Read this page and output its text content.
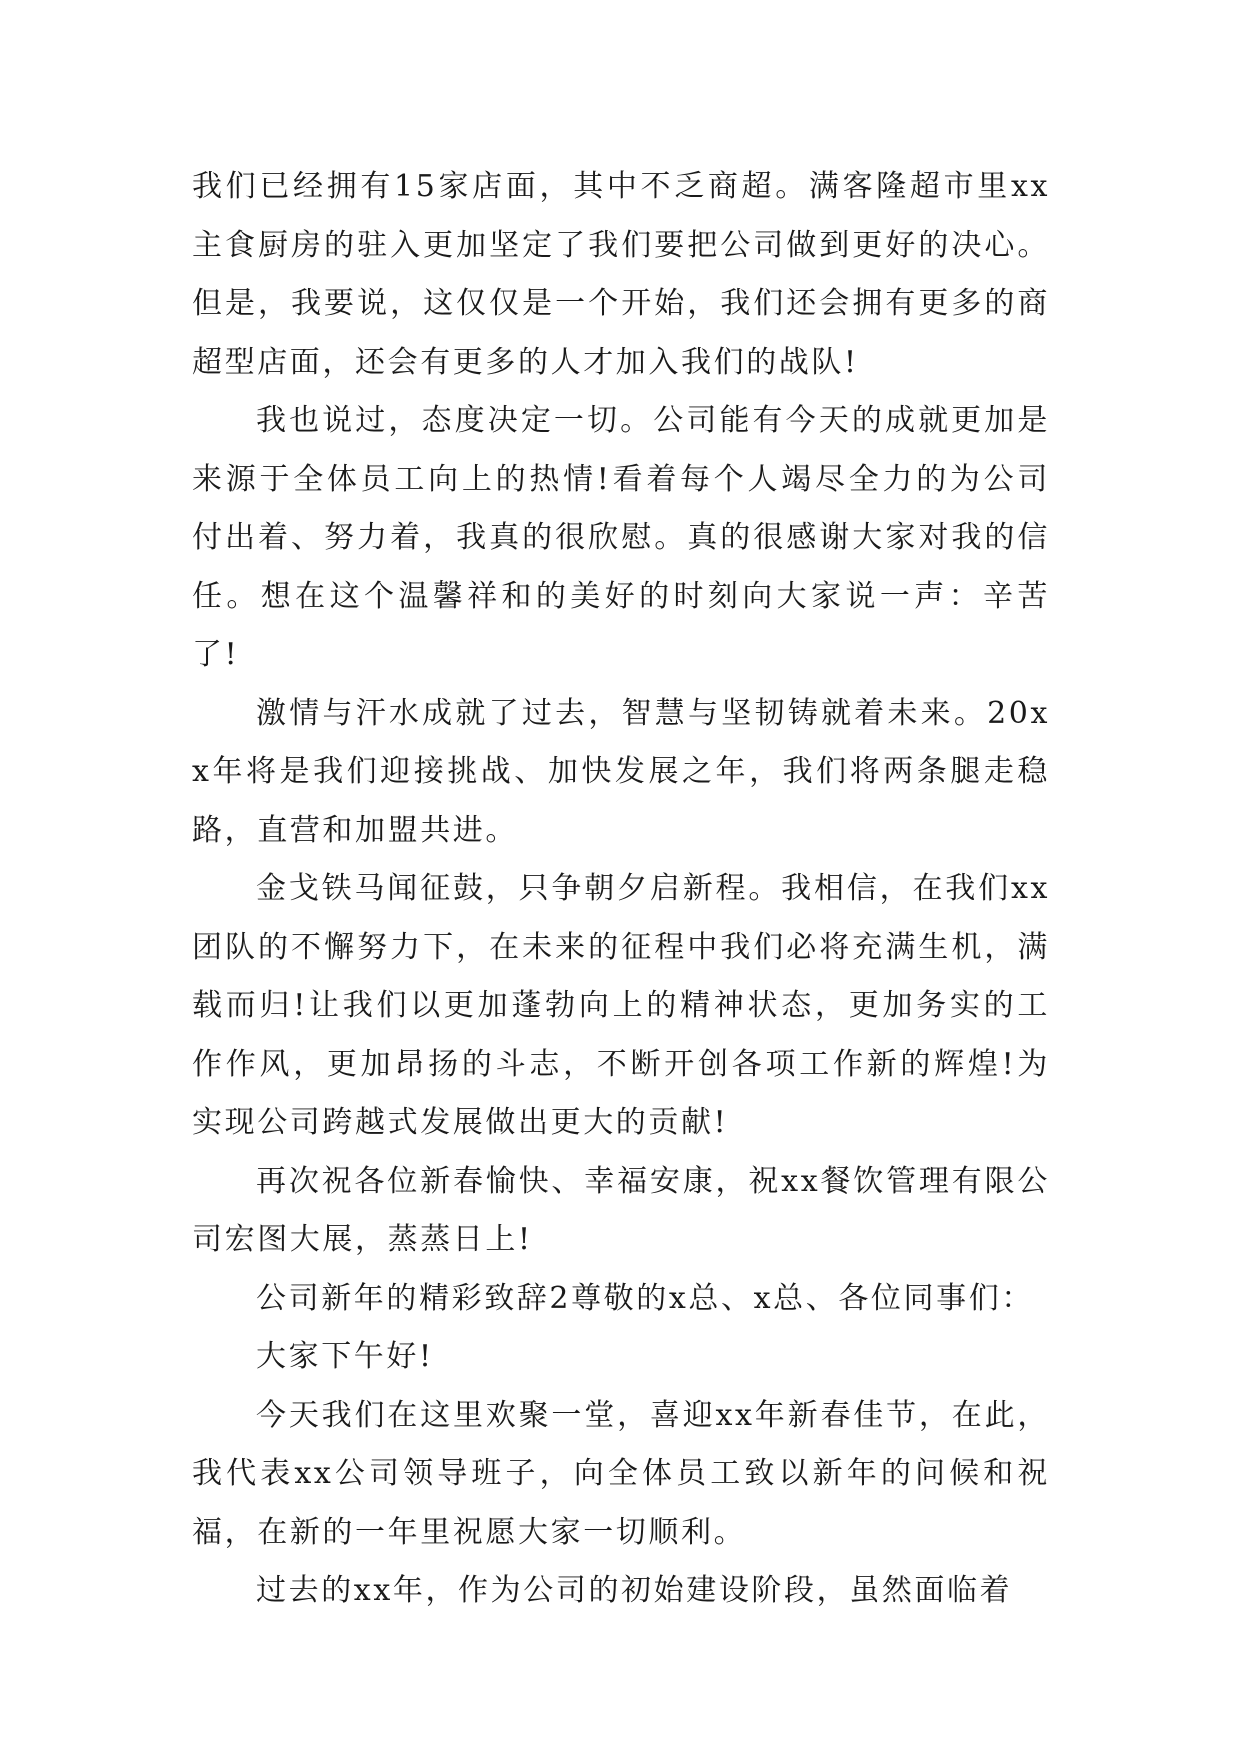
我们已经拥有15家店面，其中不乏商超。满客隆超市里xx主食厨房的驻入更加坚定了我们要把公司做到更好的决心。但是，我要说，这仅仅是一个开始，我们还会拥有更多的商超型店面，还会有更多的人才加入我们的战队!

我也说过，态度决定一切。公司能有今天的成就更加是来源于全体员工向上的热情!看着每个人竭尽全力的为公司付出着、努力着，我真的很欣慰。真的很感谢大家对我的信任。想在这个温馨祥和的美好的时刻向大家说一声：辛苦了!

激情与汗水成就了过去，智慧与坚韧铸就着未来。20xx年将是我们迎接挑战、加快发展之年，我们将两条腿走稳路，直营和加盟共进。

金戈铁马闻征鼓，只争朝夕启新程。我相信，在我们xx团队的不懈努力下，在未来的征程中我们必将充满生机，满载而归!让我们以更加蓬勃向上的精神状态，更加务实的工作作风，更加昂扬的斗志，不断开创各项工作新的辉煌!为实现公司跨越式发展做出更大的贡献!

再次祝各位新春愉快、幸福安康，祝xx餐饮管理有限公司宏图大展，蒸蒸日上!

公司新年的精彩致辞2尊敬的x总、x总、各位同事们：

大家下午好!

今天我们在这里欢聚一堂，喜迎xx年新春佳节，在此，我代表xx公司领导班子，向全体员工致以新年的问候和祝福，在新的一年里祝愿大家一切顺利。

过去的xx年，作为公司的初始建设阶段，虽然面临着
